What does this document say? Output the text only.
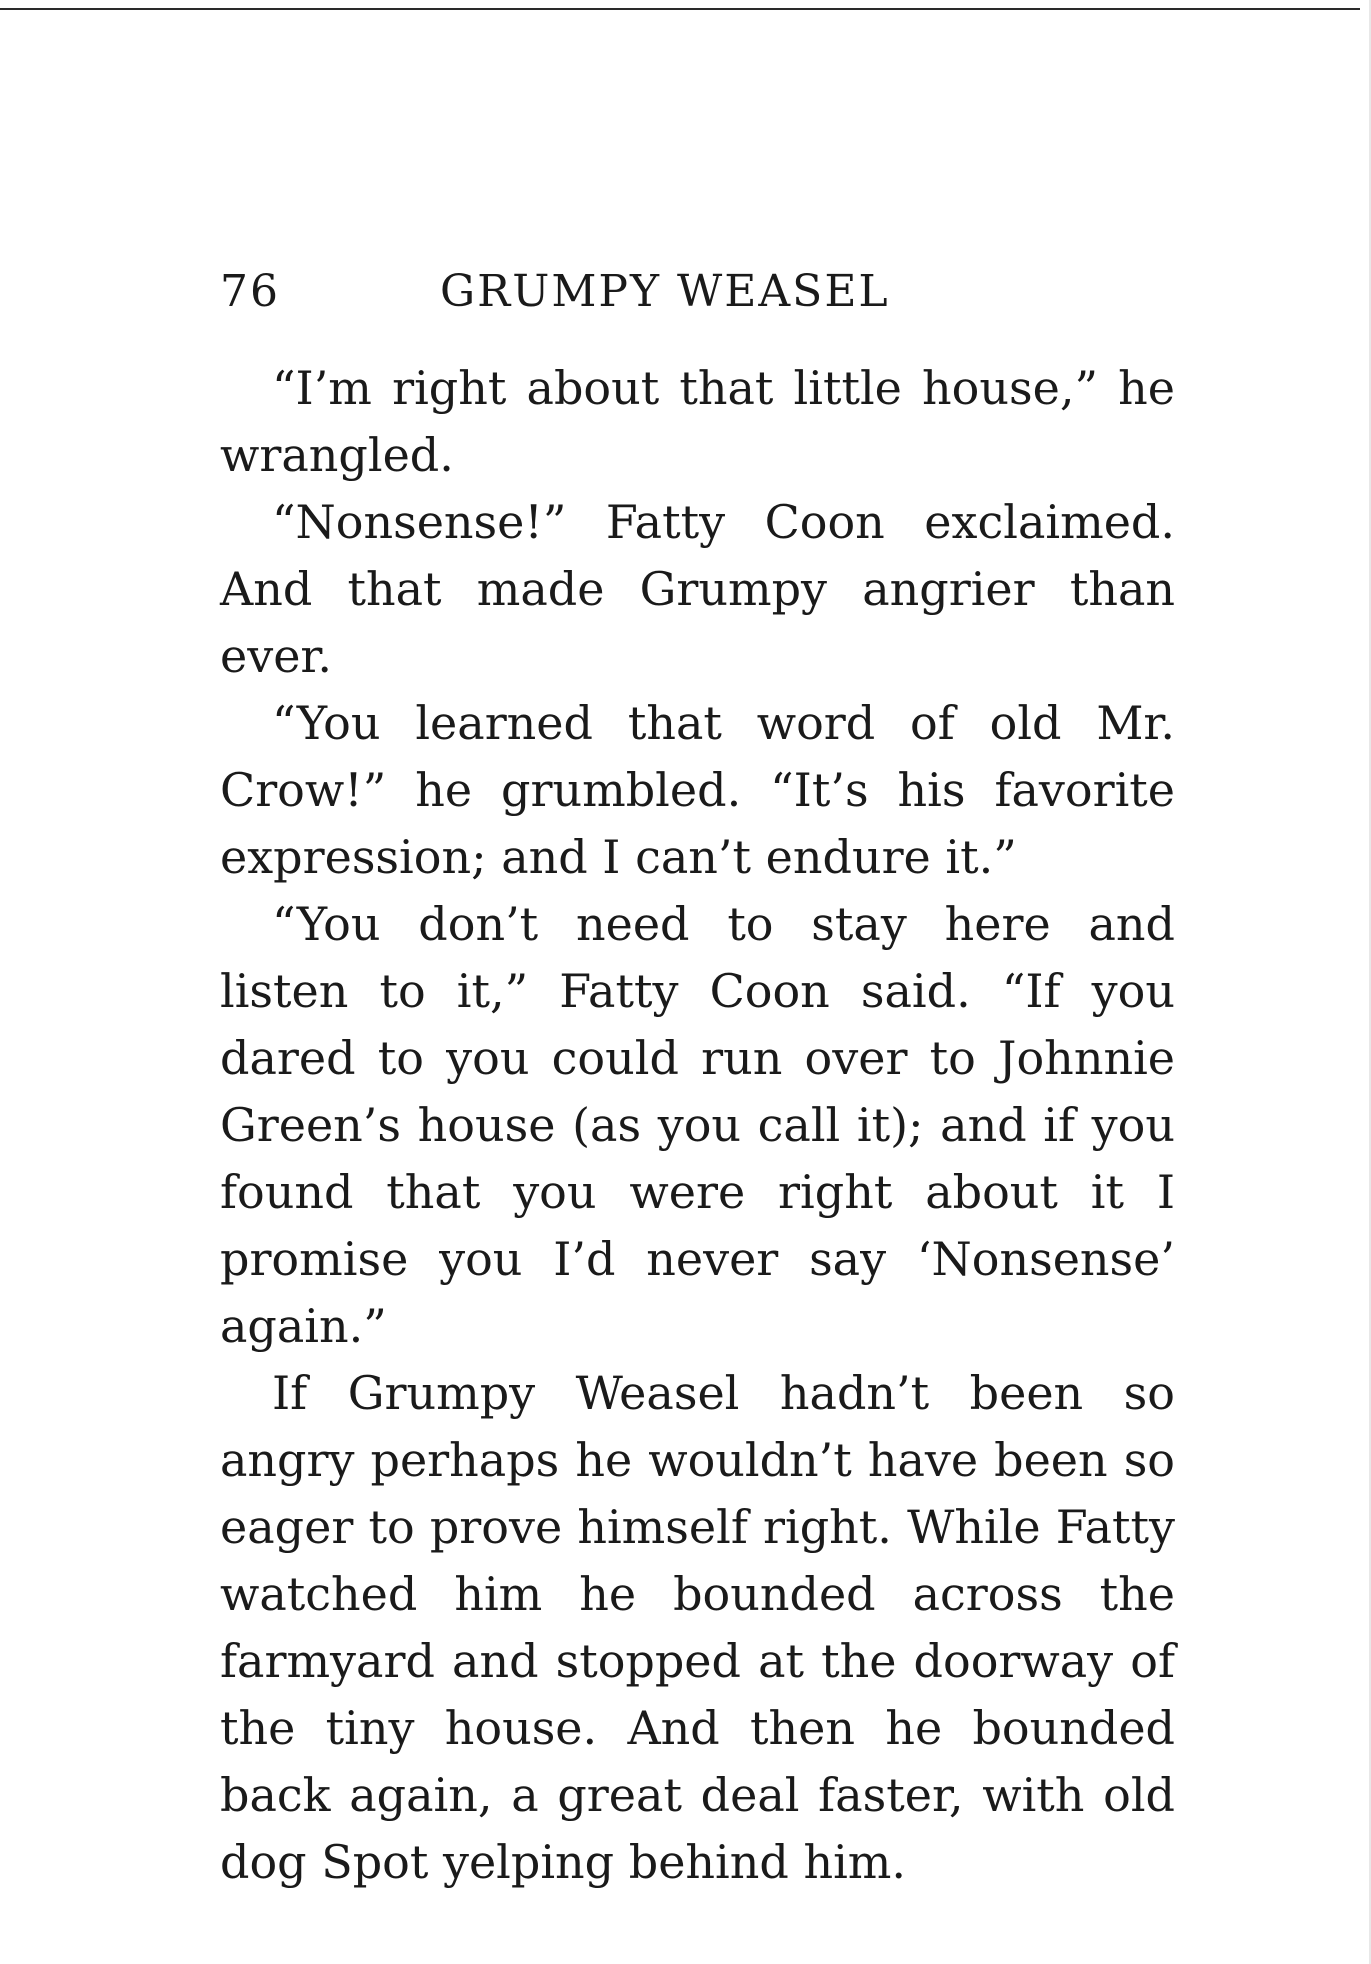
76	GRUMPY WEASEL

“I’m right about that little house,” he wrangled.

“Nonsense!” Fatty Coon exclaimed. And that made Grumpy angrier than ever.

“You learned that word of old Mr. Crow!” he grumbled. “It’s his favorite expression; and I can’t endure it.”

“You don’t need to stay here and listen to it,” Fatty Coon said. “If you dared to you could run over to Johnnie Green’s house (as you call it); and if you found that you were right about it I promise you I’d never say ‘Nonsense’ again.”

If Grumpy Weasel hadn’t been so angry perhaps he wouldn’t have been so eager to prove himself right. While Fatty watched him he bounded across the farmyard and stopped at the doorway of the tiny house. And then he bounded back again, a great deal faster, with old dog Spot yelping behind him.
